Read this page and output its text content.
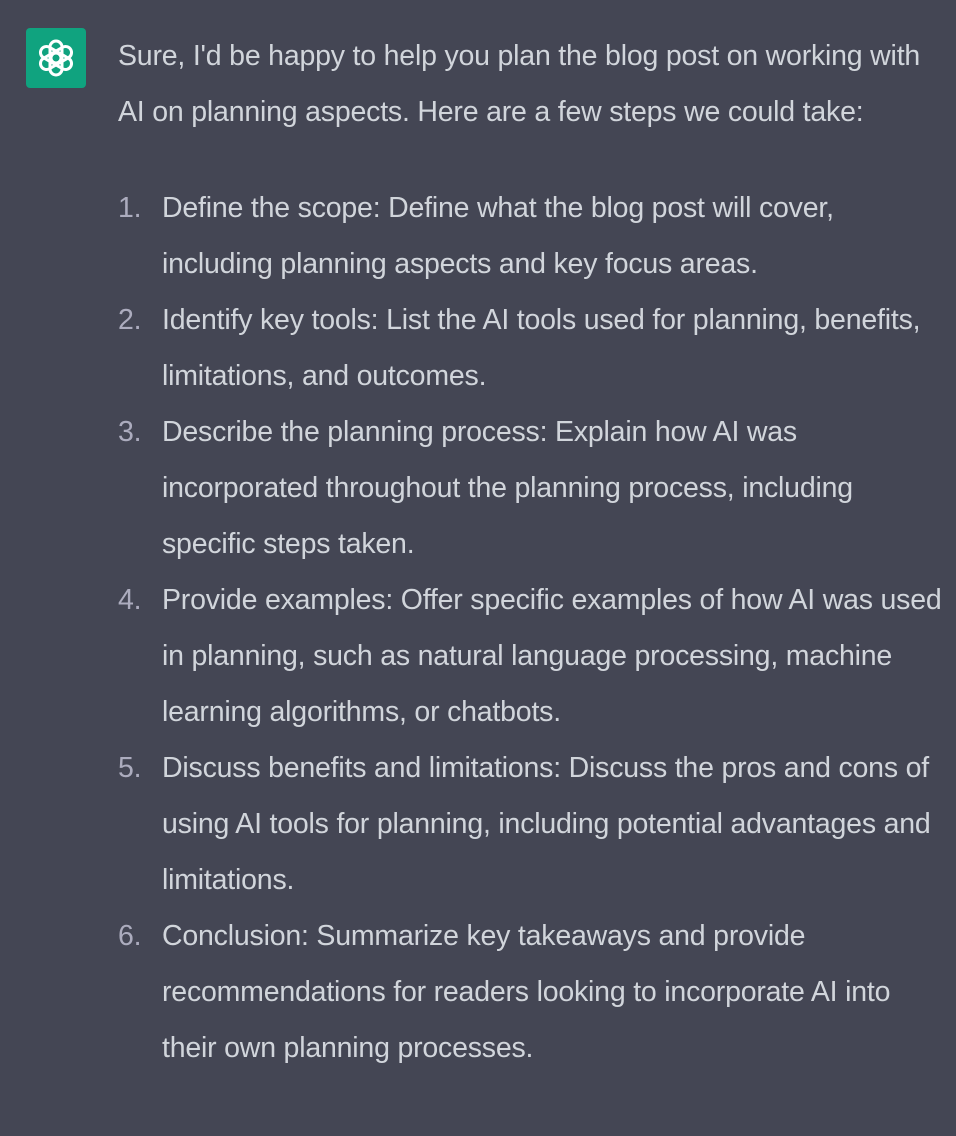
Sure, I'd be happy to help you plan the blog post on working with AI on planning aspects. Here are a few steps we could take:

1. Define the scope: Define what the blog post will cover, including planning aspects and key focus areas.
2. Identify key tools: List the AI tools used for planning, benefits, limitations, and outcomes.
3. Describe the planning process: Explain how AI was incorporated throughout the planning process, including specific steps taken.
4. Provide examples: Offer specific examples of how AI was used in planning, such as natural language processing, machine learning algorithms, or chatbots.
5. Discuss benefits and limitations: Discuss the pros and cons of using AI tools for planning, including potential advantages and limitations.
6. Conclusion: Summarize key takeaways and provide recommendations for readers looking to incorporate AI into their own planning processes.
